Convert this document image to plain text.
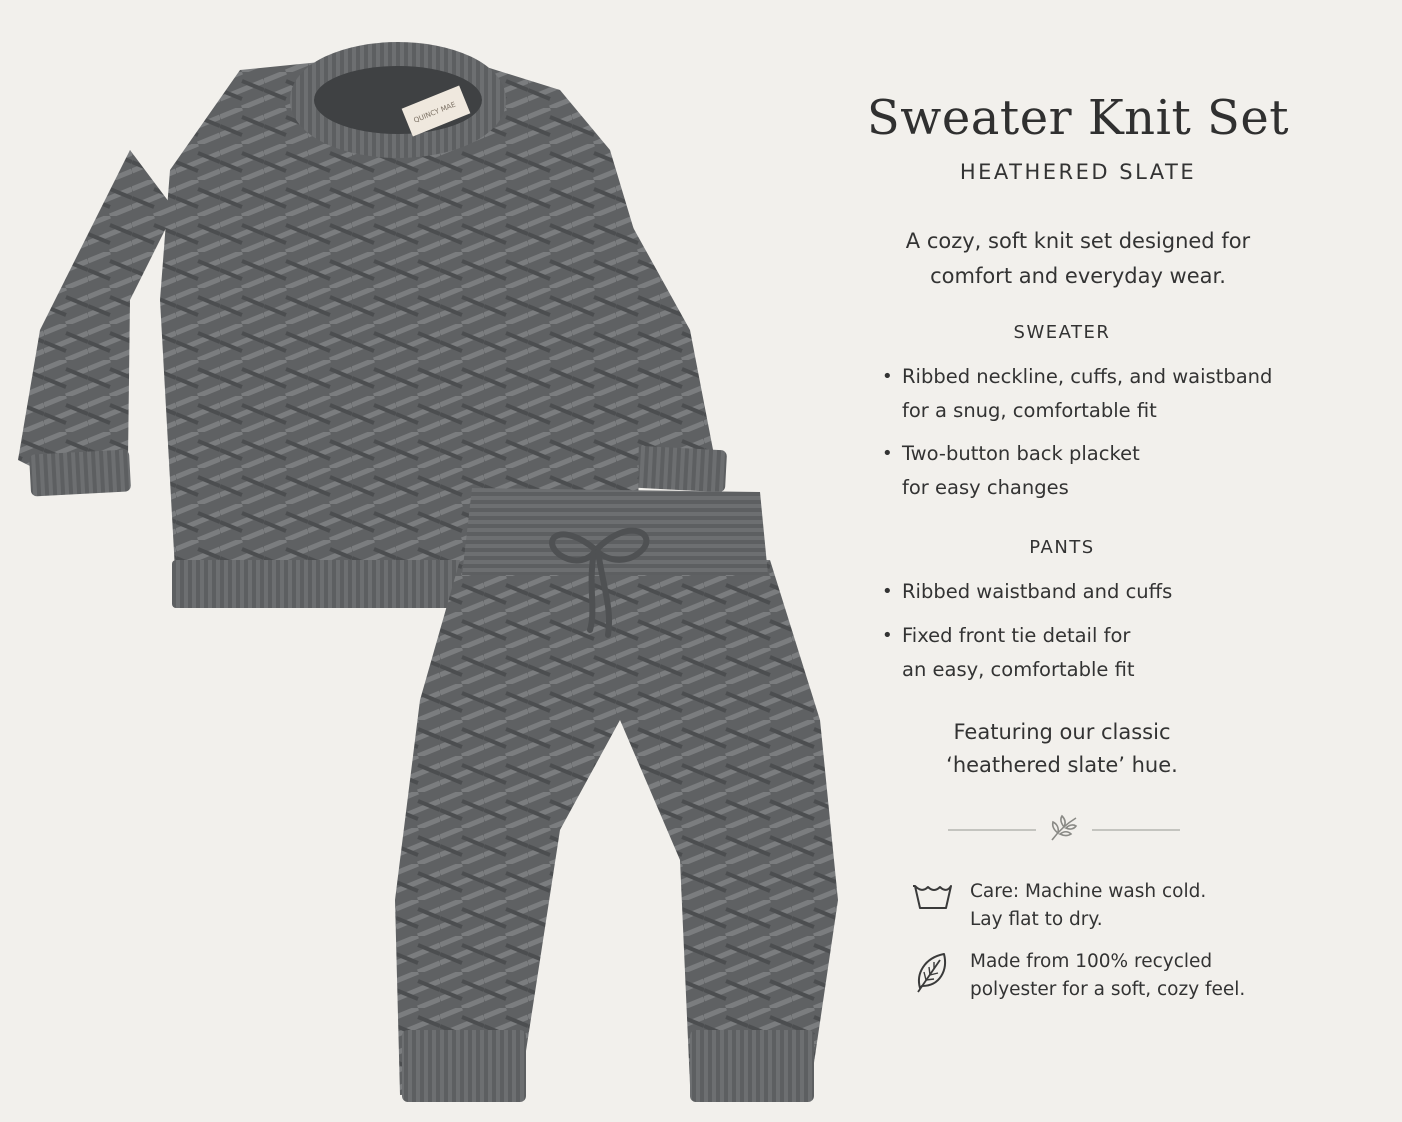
QUINCY MAE	Sweater Knit Set
HEATHERED SLATE
A cozy, soft knit set designed for
comfort and everyday wear.
SWEATER
• Ribbed neckline, cuffs, and waistband
for a snug, comfortable fit
• Two-button back placket
for easy changes
PANTS
• Ribbed waistband and cuffs
• Fixed front tie detail for
an easy, comfortable fit
Featuring our classic
‘heathered slate’ hue.
Care: Machine wash cold.
Lay flat to dry.
Made from 100% recycled
polyester for a soft, cozy feel.
